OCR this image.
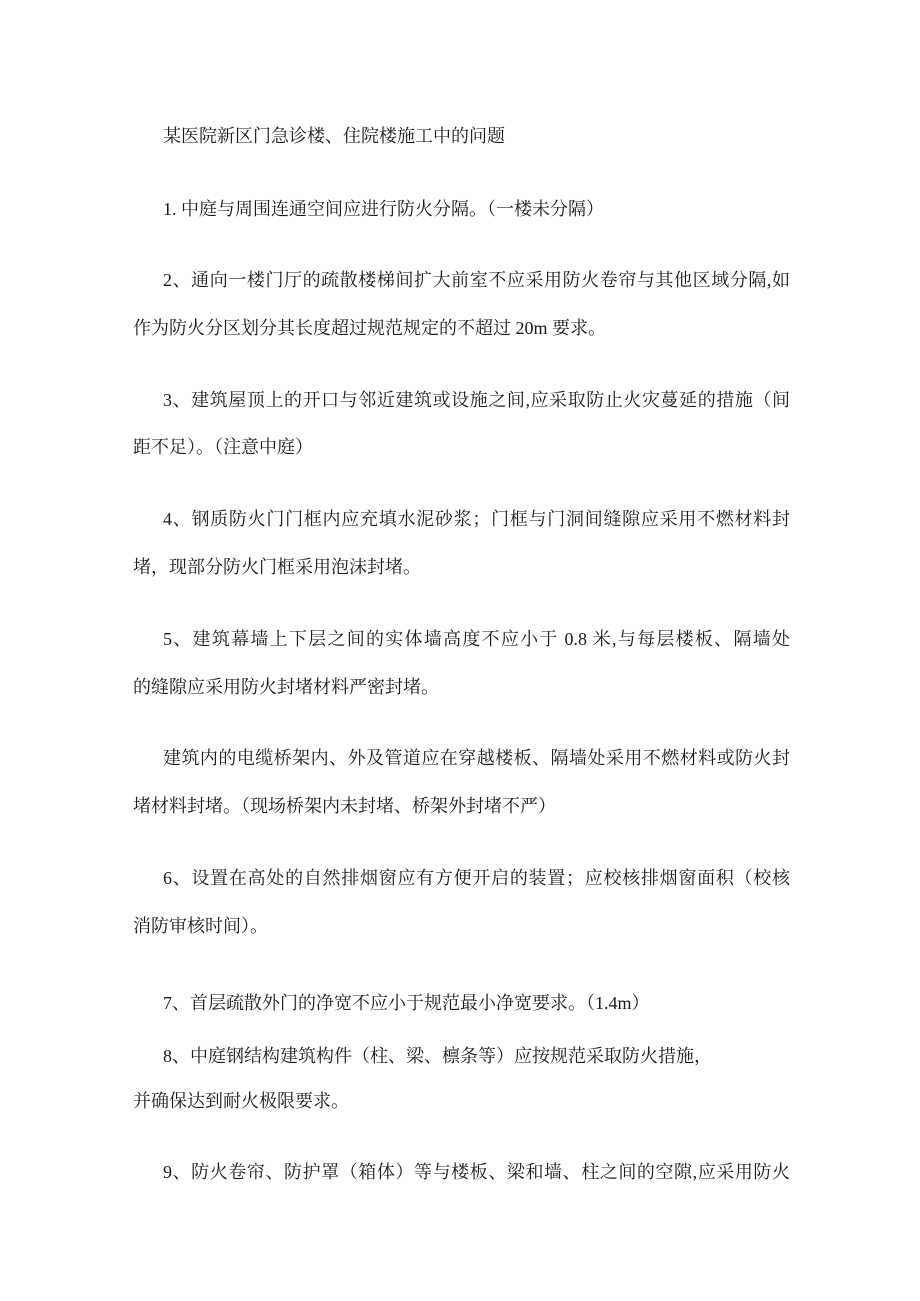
某医院新区门急诊楼、住院楼施工中的问题
1. 中庭与周围连通空间应进行防火分隔。（一楼未分隔）
2、通向一楼门厅的疏散楼梯间扩大前室不应采用防火卷帘与其他区域分隔,如
作为防火分区划分其长度超过规范规定的不超过 20m 要求。
3、建筑屋顶上的开口与邻近建筑或设施之间,应采取防止火灾蔓延的措施（间
距不足）。（注意中庭）
4、钢质防火门门框内应充填水泥砂浆；门框与门洞间缝隙应采用不燃材料封
堵，现部分防火门框采用泡沫封堵。
5、建筑幕墙上下层之间的实体墙高度不应小于 0.8 米,与每层楼板、隔墙处
的缝隙应采用防火封堵材料严密封堵。
建筑内的电缆桥架内、外及管道应在穿越楼板、隔墙处采用不燃材料或防火封
堵材料封堵。（现场桥架内未封堵、桥架外封堵不严）
6、设置在高处的自然排烟窗应有方便开启的装置；应校核排烟窗面积（校核
消防审核时间）。
7、首层疏散外门的净宽不应小于规范最小净宽要求。（1.4m）
8、中庭钢结构建筑构件（柱、梁、檩条等）应按规范采取防火措施，
并确保达到耐火极限要求。
9、防火卷帘、防护罩（箱体）等与楼板、梁和墙、柱之间的空隙,应采用防火
